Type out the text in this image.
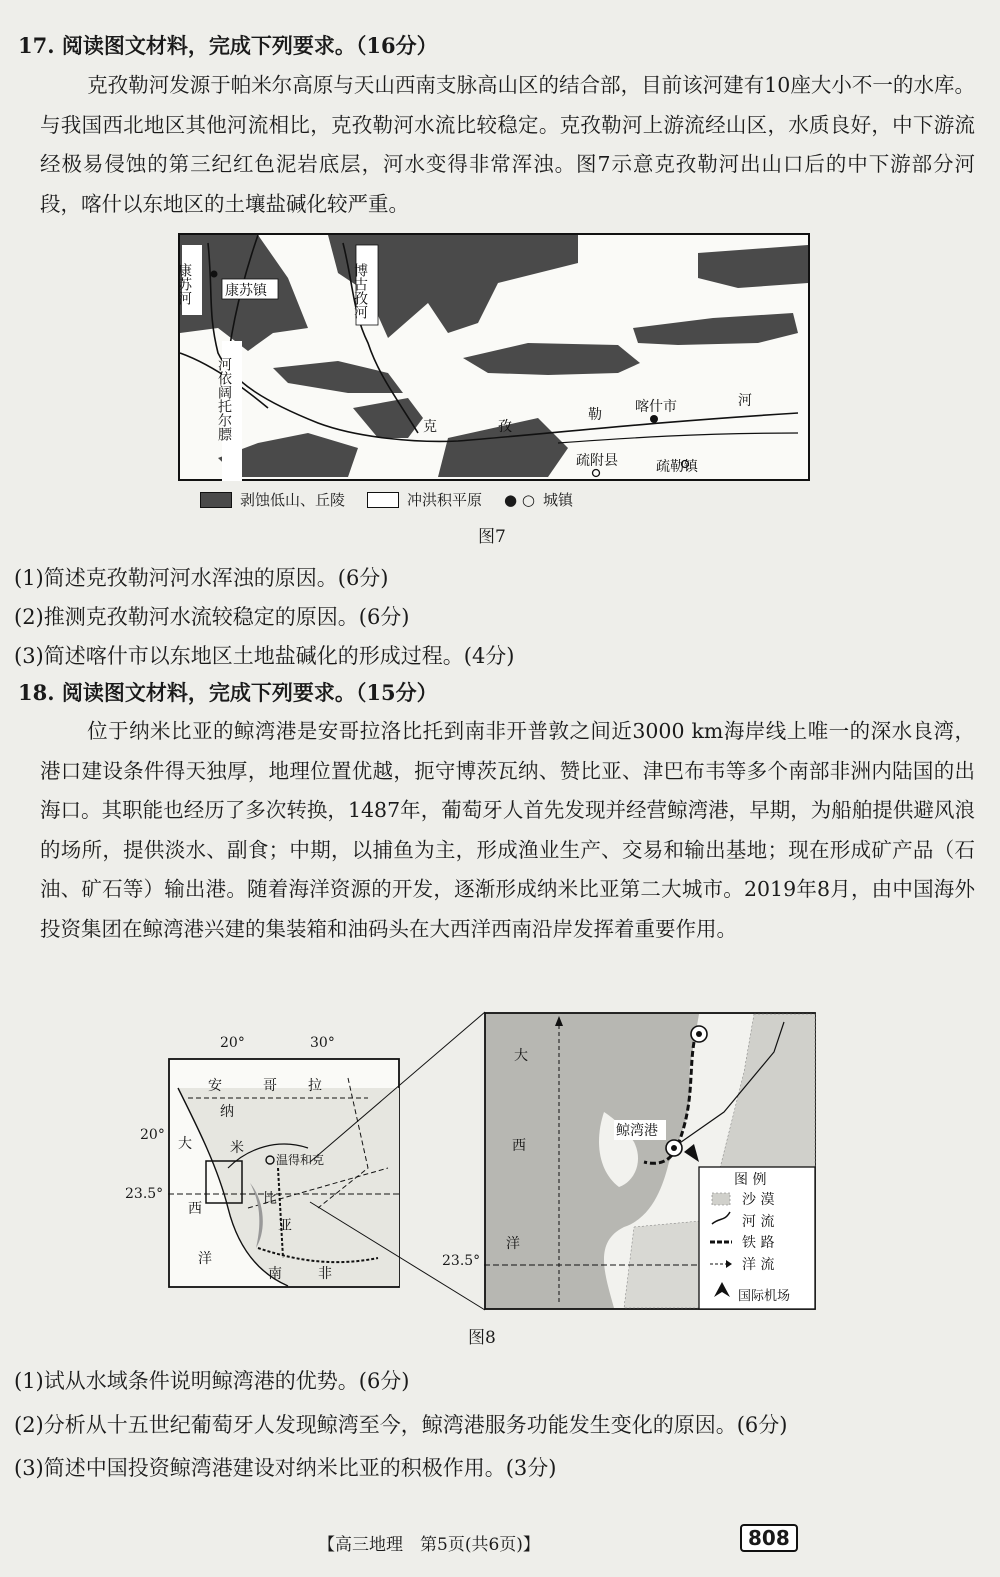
17. 阅读图文材料，完成下列要求。（16分）
克孜勒河发源于帕米尔高原与天山西南支脉高山区的结合部，目前该河建有10座大小不一的水库。与我国西北地区其他河流相比，克孜勒河水流比较稳定。克孜勒河上游流经山区，水质良好，中下游流经极易侵蚀的第三纪红色泥岩底层，河水变得非常浑浊。图7示意克孜勒河出山口后的中下游部分河段，喀什以东地区的土壤盐碱化较严重。
康苏河 康苏镇	博古孜河
河依阔托尔膘	克	孜
勒
河
喀什市
疏附县	疏勒镇
剥蚀低山、丘陵	冲洪积平原 ● ○ 城镇
图7
(1)简述克孜勒河河水浑浊的原因。(6分)
(2)推测克孜勒河水流较稳定的原因。(6分)
(3)简述喀什市以东地区土地盐碱化的形成过程。(4分)
18. 阅读图文材料，完成下列要求。（15分）
位于纳米比亚的鲸湾港是安哥拉洛比托到南非开普敦之间近3000 km海岸线上唯一的深水良湾，港口建设条件得天独厚，地理位置优越，扼守博茨瓦纳、赞比亚、津巴布韦等多个南部非洲内陆国的出海口。其职能也经历了多次转换，1487年，葡萄牙人首先发现并经营鲸湾港，早期，为船舶提供避风浪的场所，提供淡水、副食；中期，以捕鱼为主，形成渔业生产、交易和输出基地；现在形成矿产品（石油、矿石等）输出港。随着海洋资源的开发，逐渐形成纳米比亚第二大城市。2019年8月，由中国海外投资集团在鲸湾港兴建的集装箱和油码头在大西洋西南沿岸发挥着重要作用。
安	哥 拉
纳
米
比
亚
南	非
大
西
洋
温得和克
20°	30°
20°
23.5°
大
西
洋
鲸湾港
图 例
沙 漠
河 流
铁 路
洋 流
国际机场
23.5°
图8
(1)试从水域条件说明鲸湾港的优势。(6分)
(2)分析从十五世纪葡萄牙人发现鲸湾至今，鲸湾港服务功能发生变化的原因。(6分)
(3)简述中国投资鲸湾港建设对纳米比亚的积极作用。(3分)
【高三地理　第5页(共6页)】	808
